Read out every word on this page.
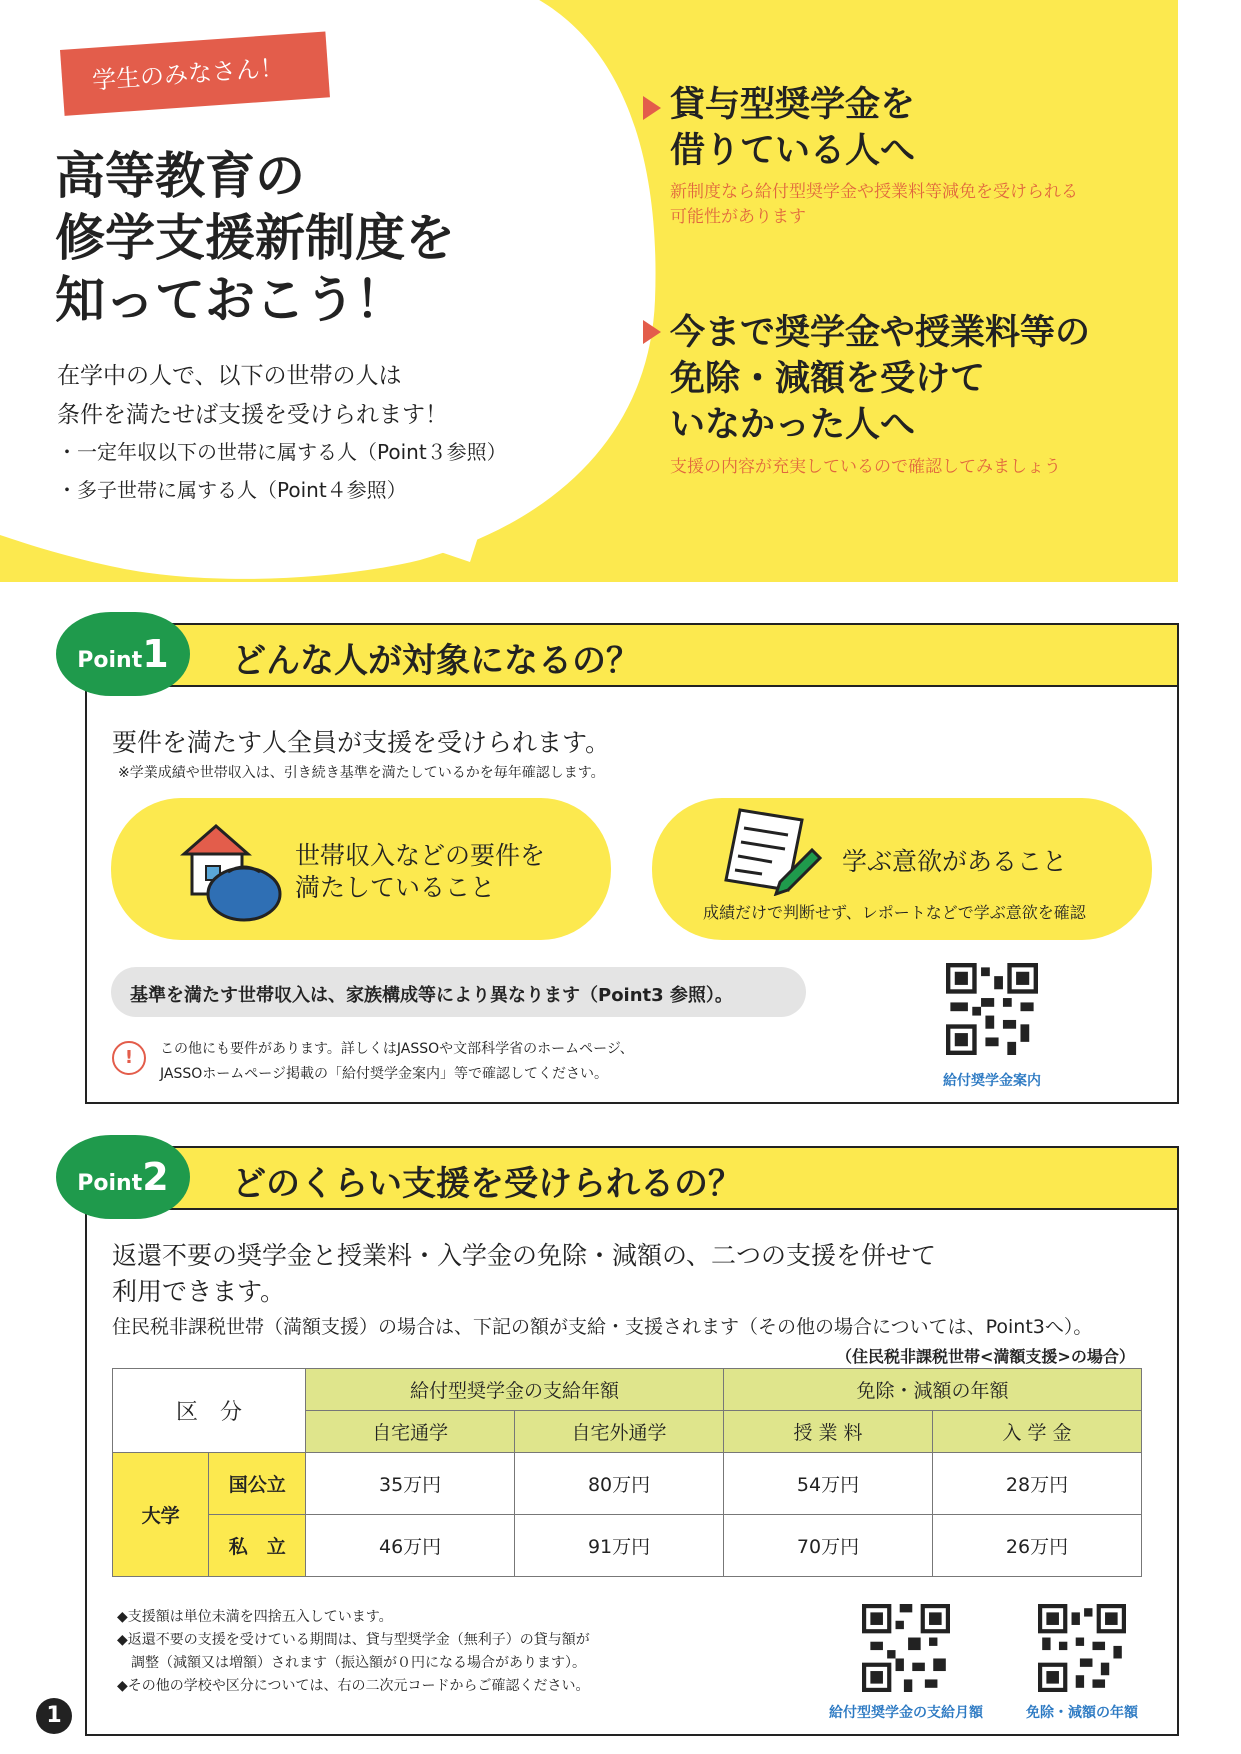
学生のみなさん！
高等教育の
修学支援新制度を
知っておこう！
在学中の人で、以下の世帯の人は
条件を満たせば支援を受けられます！
・一定年収以下の世帯に属する人（Point３参照）
・多子世帯に属する人（Point４参照）
貸与型奨学金を
借りている人へ
新制度なら給付型奨学金や授業料等減免を受けられる
可能性があります
今まで奨学金や授業料等の
免除・減額を受けて
いなかった人へ
支援の内容が充実しているので確認してみましょう
どんな人が対象になるの？
Point1
要件を満たす人全員が支援を受けられます。
※学業成績や世帯収入は、引き続き基準を満たしているかを毎年確認します。
世帯収入などの要件を
満たしていること
学ぶ意欲があること
成績だけで判断せず、レポートなどで学ぶ意欲を確認
基準を満たす世帯収入は、家族構成等により異なります（Point3 参照）。
!	この他にも要件があります。詳しくはJASSOや文部科学省のホームページ、
JASSOホームページ掲載の「給付奨学金案内」等で確認してください。	給付奨学金案内
どのくらい支援を受けられるの？
Point2
返還不要の奨学金と授業料・入学金の免除・減額の、二つの支援を併せて
利用できます。
住民税非課税世帯（満額支援）の場合は、下記の額が支給・支援されます（その他の場合については、Point3へ）。
（住民税非課税世帯<満額支援>の場合）
区　分		給付型奨学金の支給年額		免除・減額の年額	
		自宅通学	自宅外通学	授 業 料	入 学 金
大学	国公立	35万円	80万円	54万円	28万円
	私　立	46万円	91万円	70万円	26万円
◆支援額は単位未満を四捨五入しています。
◆返還不要の支援を受けている期間は、貸与型奨学金（無利子）の貸与額が
　調整（減額又は増額）されます（振込額が０円になる場合があります）。
◆その他の学校や区分については、右の二次元コードからご確認ください。
給付型奨学金の支給月額	免除・減額の年額
1
